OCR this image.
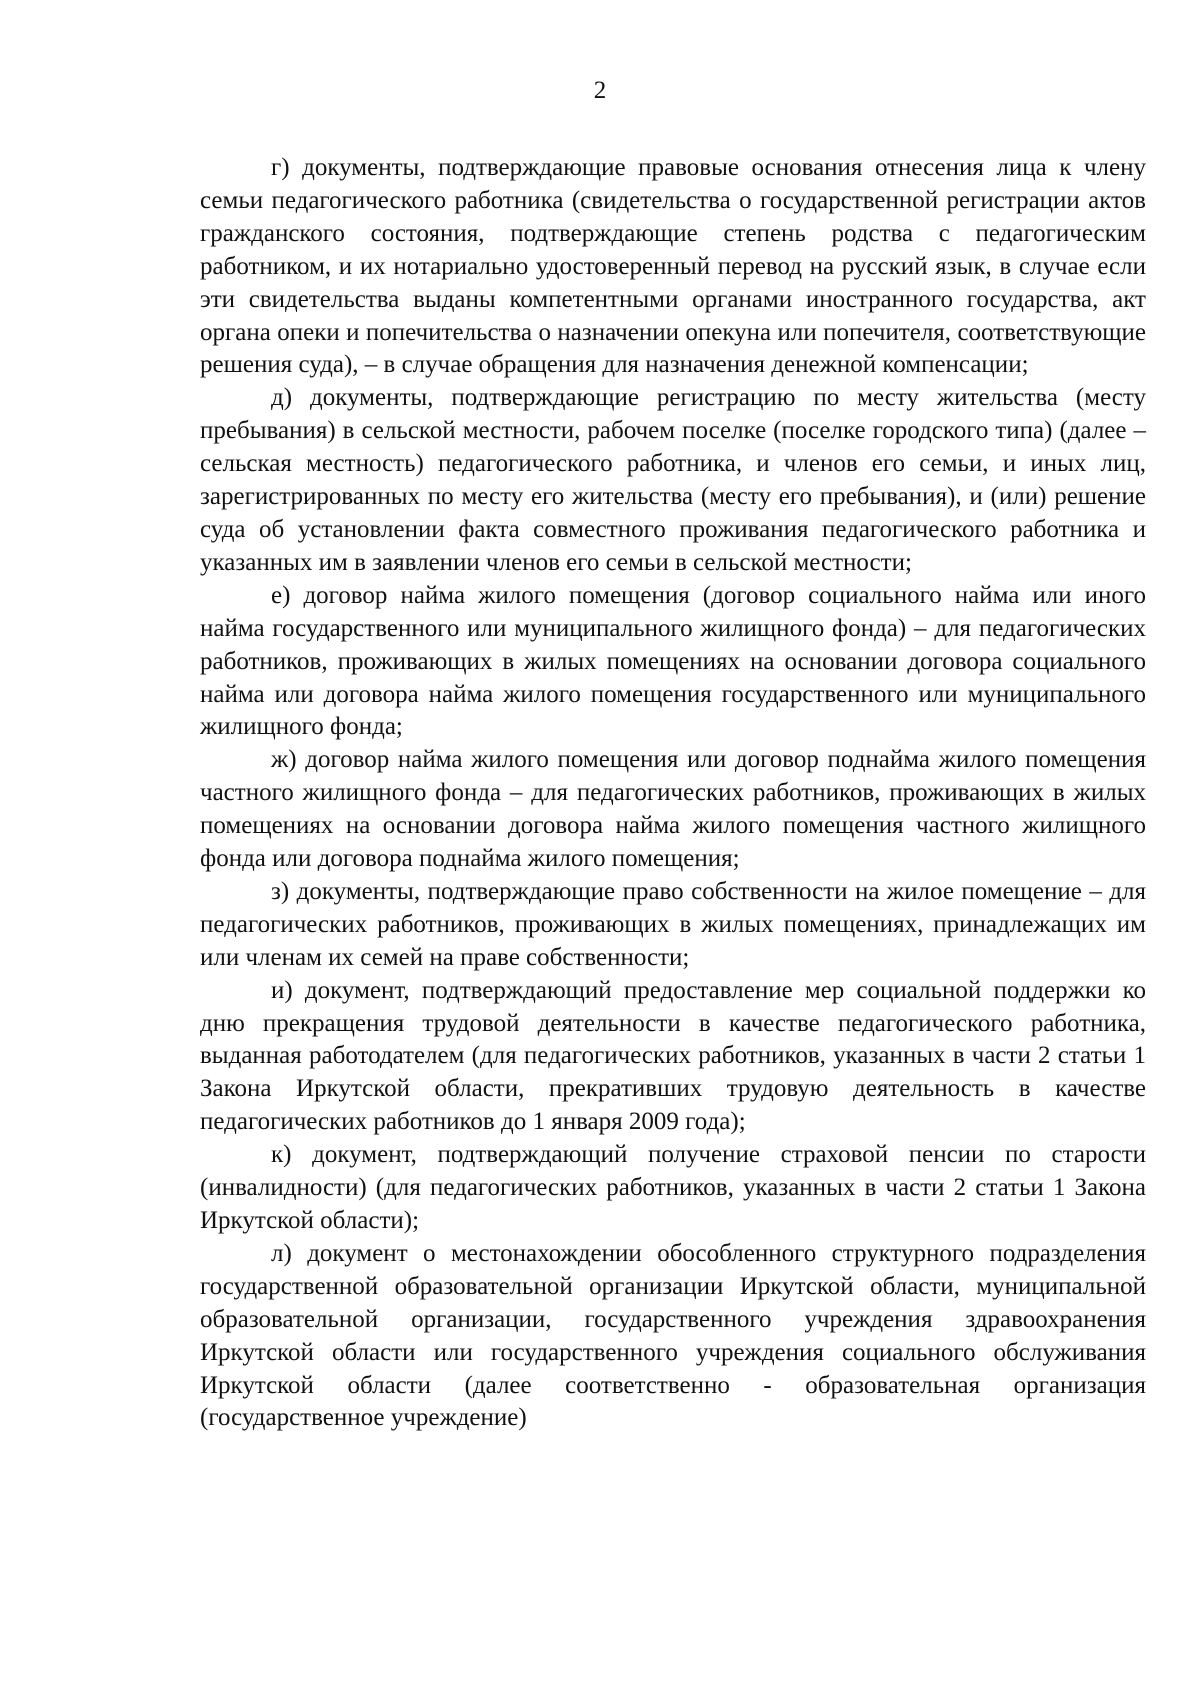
2

г) документы, подтверждающие правовые основания отнесения лица к члену семьи педагогического работника (свидетельства о государственной регистрации актов гражданского состояния, подтверждающие степень родства с педагогическим работником, и их нотариально удостоверенный перевод на русский язык, в случае если эти свидетельства выданы компетентными органами иностранного государства, акт органа опеки и попечительства о назначении опекуна или попечителя, соответствующие решения суда), – в случае обращения для назначения денежной компенсации;

д) документы, подтверждающие регистрацию по месту жительства (месту пребывания) в сельской местности, рабочем поселке (поселке городского типа) (далее – сельская местность) педагогического работника, и членов его семьи, и иных лиц, зарегистрированных по месту его жительства (месту его пребывания), и (или) решение суда об установлении факта совместного проживания педагогического работника и указанных им в заявлении членов его семьи в сельской местности;

е) договор найма жилого помещения (договор социального найма или иного найма государственного или муниципального жилищного фонда) – для педагогических работников, проживающих в жилых помещениях на основании договора социального найма или договора найма жилого помещения государственного или муниципального жилищного фонда;

ж) договор найма жилого помещения или договор поднайма жилого помещения частного жилищного фонда – для педагогических работников, проживающих в жилых помещениях на основании договора найма жилого помещения частного жилищного фонда или договора поднайма жилого помещения;

з) документы, подтверждающие право собственности на жилое помещение – для педагогических работников, проживающих в жилых помещениях, принадлежащих им или членам их семей на праве собственности;

и) документ, подтверждающий предоставление мер социальной поддержки ко дню прекращения трудовой деятельности в качестве педагогического работника, выданная работодателем (для педагогических работников, указанных в части 2 статьи 1 Закона Иркутской области, прекративших трудовую деятельность в качестве педагогических работников до 1 января 2009 года);

к) документ, подтверждающий получение страховой пенсии по старости (инвалидности) (для педагогических работников, указанных в части 2 статьи 1 Закона Иркутской области);

л) документ о местонахождении обособленного структурного подразделения государственной образовательной организации Иркутской области, муниципальной образовательной организации, государственного учреждения здравоохранения Иркутской области или государственного учреждения социального обслуживания Иркутской области (далее соответственно - образовательная организация (государственное учреждение)
